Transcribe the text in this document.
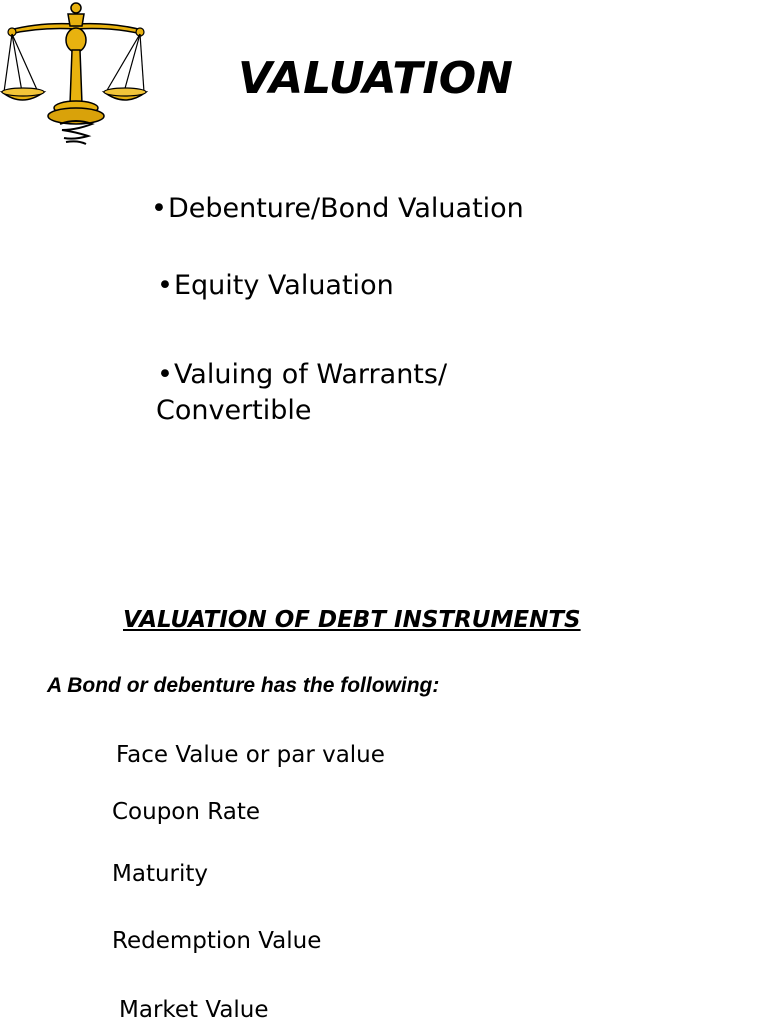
VALUATION
•Debenture/Bond Valuation
•Equity Valuation
•Valuing of Warrants/
Convertible
VALUATION OF DEBT INSTRUMENTS
A Bond or debenture has the following:
Face Value or par value
Coupon Rate
Maturity
Redemption Value
Market Value
